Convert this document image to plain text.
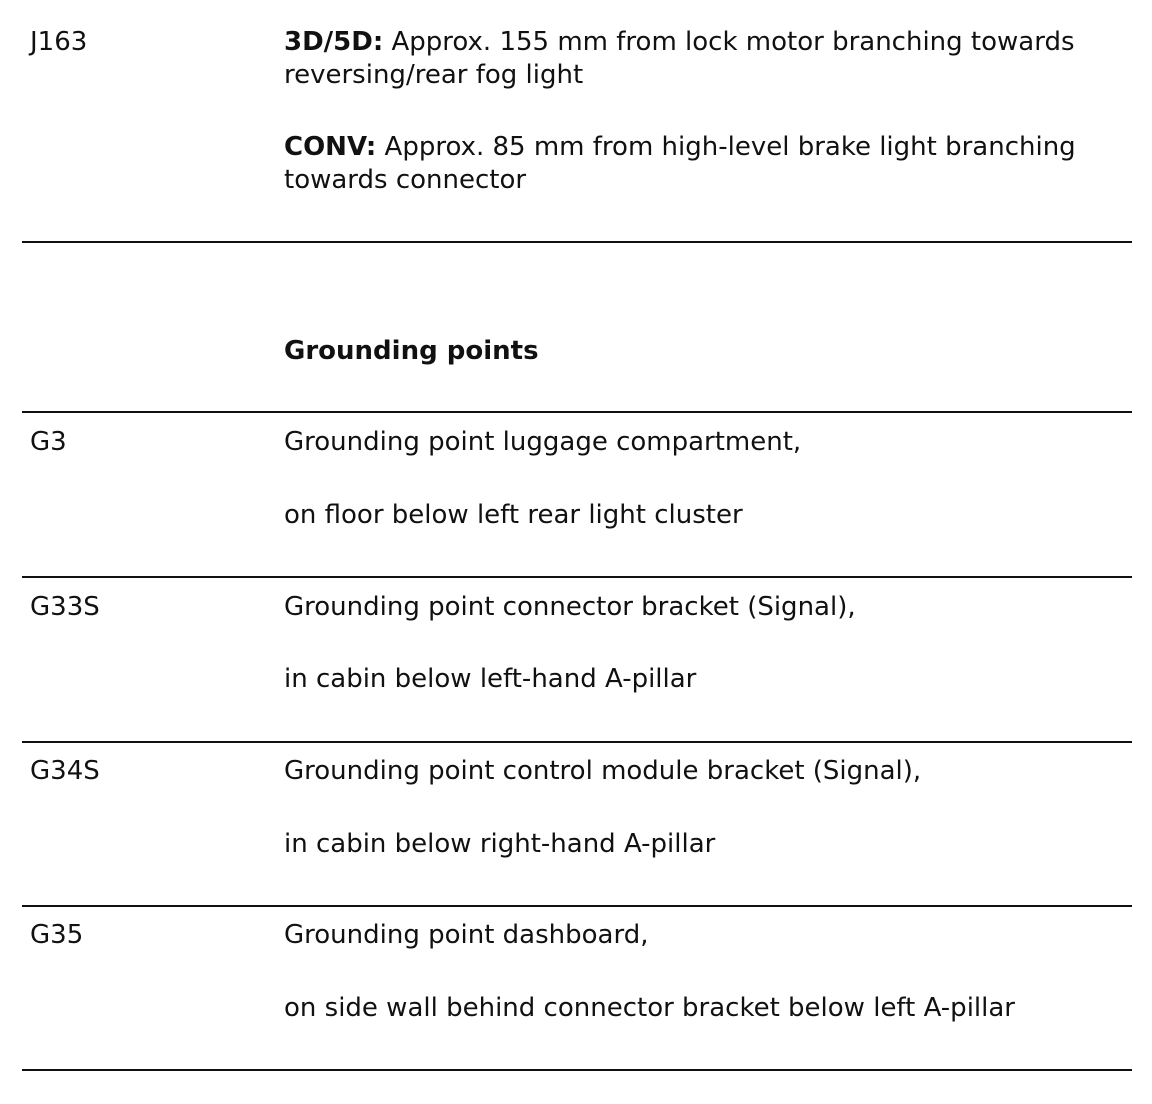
J163	3D/5D: Approx. 155 mm from lock motor branching towards reversing/rear fog light
CONV: Approx. 85 mm from high-level brake light branching towards connector
Grounding points
G3	Grounding point luggage compartment,
on floor below left rear light cluster
G33S	Grounding point connector bracket (Signal),
in cabin below left-hand A-pillar
G34S	Grounding point control module bracket (Signal),
in cabin below right-hand A-pillar
G35	Grounding point dashboard,
on side wall behind connector bracket below left A-pillar
